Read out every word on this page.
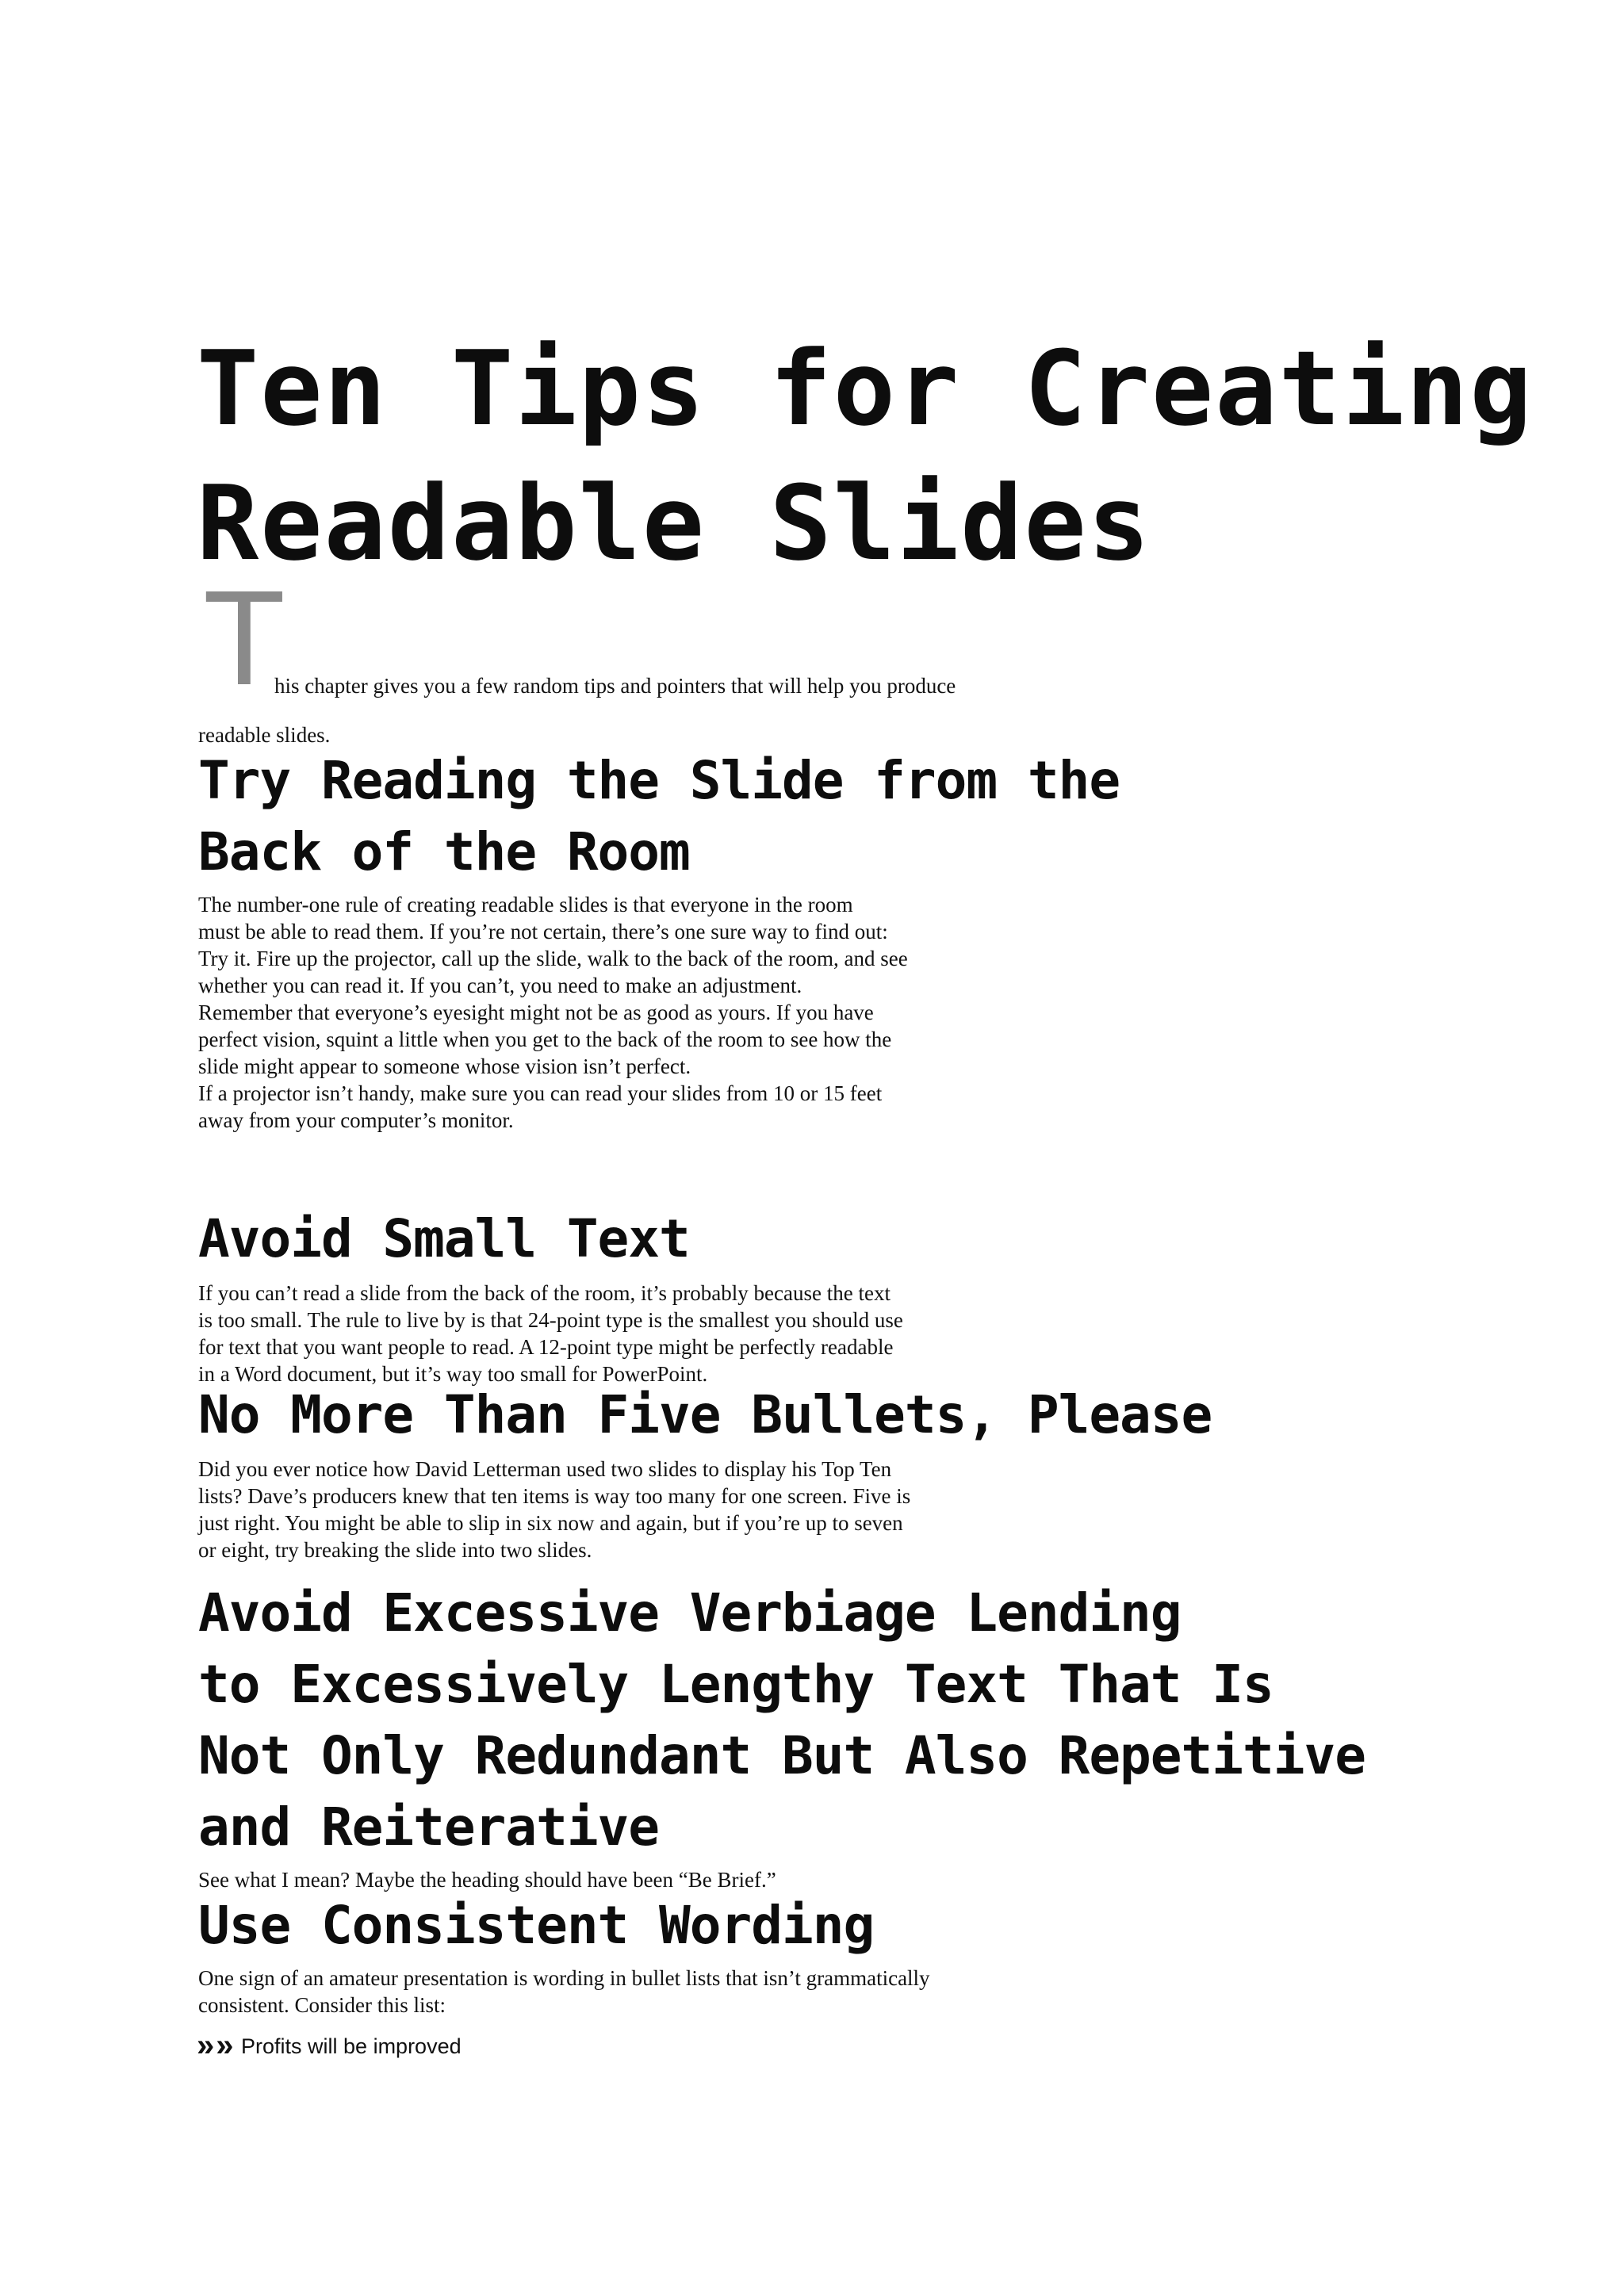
Ten Tips for Creating
Readable Slides
T

his chapter gives you a few random tips and pointers that will help you produce

readable slides.

Try Reading the Slide from the
Back of the Room

The number-one rule of creating readable slides is that everyone in the room
must be able to read them. If you’re not certain, there’s one sure way to find out:
Try it. Fire up the projector, call up the slide, walk to the back of the room, and see
whether you can read it. If you can’t, you need to make an adjustment.
Remember that everyone’s eyesight might not be as good as yours. If you have
perfect vision, squint a little when you get to the back of the room to see how the
slide might appear to someone whose vision isn’t perfect.
If a projector isn’t handy, make sure you can read your slides from 10 or 15 feet
away from your computer’s monitor.

Avoid Small Text

If you can’t read a slide from the back of the room, it’s probably because the text
is too small. The rule to live by is that 24-point type is the smallest you should use
for text that you want people to read. A 12-point type might be perfectly readable
in a Word document, but it’s way too small for PowerPoint.

No More Than Five Bullets, Please

Did you ever notice how David Letterman used two slides to display his Top Ten
lists? Dave’s producers knew that ten items is way too many for one screen. Five is
just right. You might be able to slip in six now and again, but if you’re up to seven
or eight, try breaking the slide into two slides.

Avoid Excessive Verbiage Lending
to Excessively Lengthy Text That Is
Not Only Redundant But Also Repetitive
and Reiterative

See what I mean? Maybe the heading should have been “Be Brief.”

Use Consistent Wording

One sign of an amateur presentation is wording in bullet lists that isn’t grammatically
consistent. Consider this list:

» » Profits will be improved
